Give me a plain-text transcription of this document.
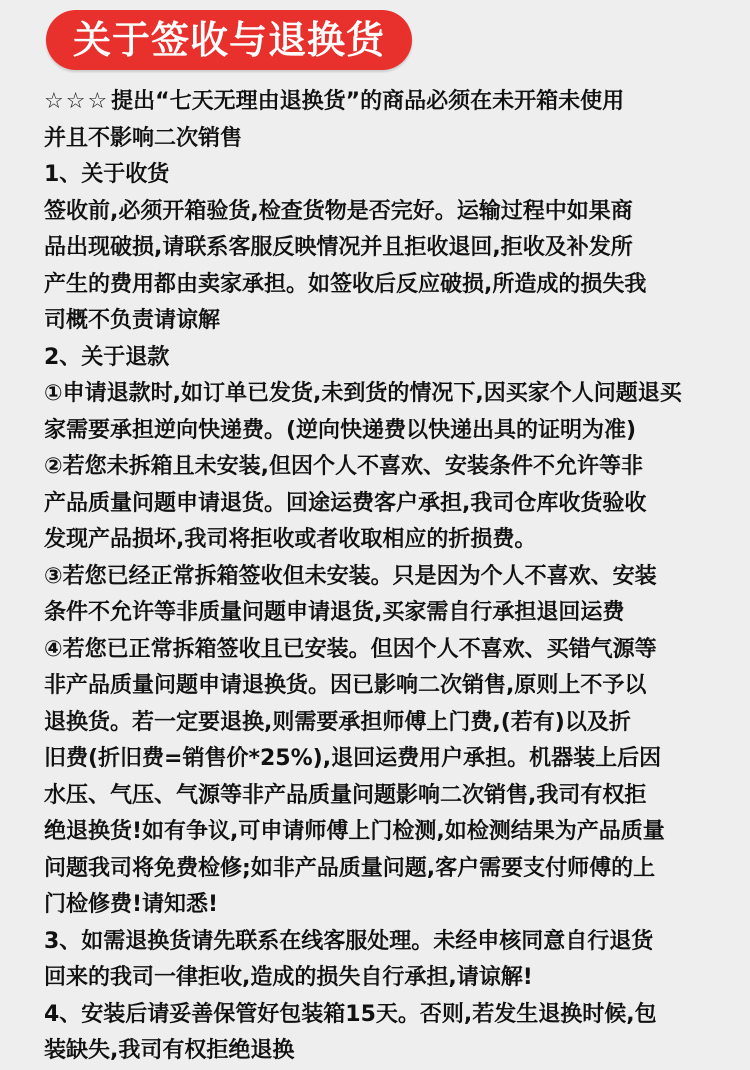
关于签收与退换货
☆☆☆提出“七天无理由退换货”的商品必须在未开箱未使用
并且不影响二次销售
1、关于收货
签收前,必须开箱验货,检查货物是否完好。运输过程中如果商
品出现破损,请联系客服反映情况并且拒收退回,拒收及补发所
产生的费用都由卖家承担。如签收后反应破损,所造成的损失我
司概不负责请谅解
2、关于退款
①申请退款时,如订单已发货,未到货的情况下,因买家个人问题退买
家需要承担逆向快递费。(逆向快递费以快递出具的证明为准)
②若您未拆箱且未安装,但因个人不喜欢、安装条件不允许等非
产品质量问题申请退货。回途运费客户承担,我司仓库收货验收
发现产品损坏,我司将拒收或者收取相应的折损费。
③若您已经正常拆箱签收但未安装。只是因为个人不喜欢、安装
条件不允许等非质量问题申请退货,买家需自行承担退回运费
④若您已正常拆箱签收且已安装。但因个人不喜欢、买错气源等
非产品质量问题申请退换货。因已影响二次销售,原则上不予以
退换货。若一定要退换,则需要承担师傅上门费,(若有)以及折
旧费(折旧费=销售价*25%),退回运费用户承担。机器装上后因
水压、气压、气源等非产品质量问题影响二次销售,我司有权拒
绝退换货!如有争议,可申请师傅上门检测,如检测结果为产品质量
问题我司将免费检修;如非产品质量问题,客户需要支付师傅的上
门检修费!请知悉!
3、如需退换货请先联系在线客服处理。未经申核同意自行退货
回来的我司一律拒收,造成的损失自行承担,请谅解!
4、安装后请妥善保管好包装箱15天。否则,若发生退换时候,包
装缺失,我司有权拒绝退换
